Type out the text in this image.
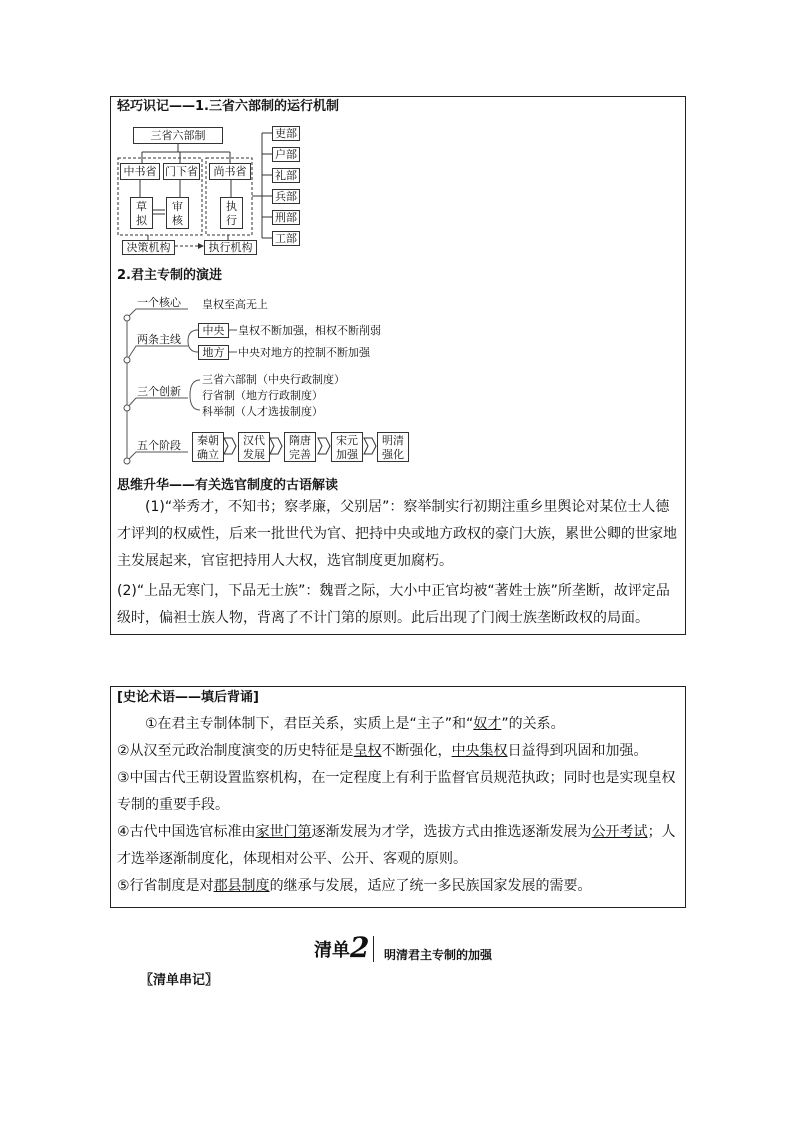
轻巧识记——1.三省六部制的运行机制
三省六部制
中书省 门下省	尚书省
草拟
审核
执行
决策机构	执行机构
吏部
户部
礼部
兵部
刑部
工部
2.君主专制的演进
一个核心 皇权至高无上
两条主线
中央	皇权不断加强，相权不断削弱
地方	中央对地方的控制不断加强
三个创新
三省六部制（中央行政制度）
行省制（地方行政制度）
科举制（人才选拔制度）
五个阶段	秦朝确立
汉代发展
隋唐完善
宋元加强
明清强化
思维升华——有关选官制度的古语解读
(1)“举秀才，不知书；察孝廉，父别居”：察举制实行初期注重乡里舆论对某位士人德才评判的权威性，后来一批世代为官、把持中央或地方政权的豪门大族，累世公卿的世家地主发展起来，官宦把持用人大权，选官制度更加腐朽。
(2)“上品无寒门，下品无士族”：魏晋之际，大小中正官均被“著姓士族”所垄断，故评定品级时，偏袒士族人物，背离了不计门第的原则。此后出现了门阀士族垄断政权的局面。
[史论术语——填后背诵]
①在君主专制体制下，君臣关系，实质上是“主子”和“奴才”的关系。
②从汉至元政治制度演变的历史特征是皇权不断强化，中央集权日益得到巩固和加强。
③中国古代王朝设置监察机构，在一定程度上有利于监督官员规范执政；同时也是实现皇权专制的重要手段。
④古代中国选官标准由家世门第逐渐发展为才学，选拔方式由推选逐渐发展为公开考试；人才选举逐渐制度化，体现相对公平、公开、客观的原则。
⑤行省制度是对郡县制度的继承与发展，适应了统一多民族国家发展的需要。
清单 2 明清君主专制的加强
〖清单串记〗
